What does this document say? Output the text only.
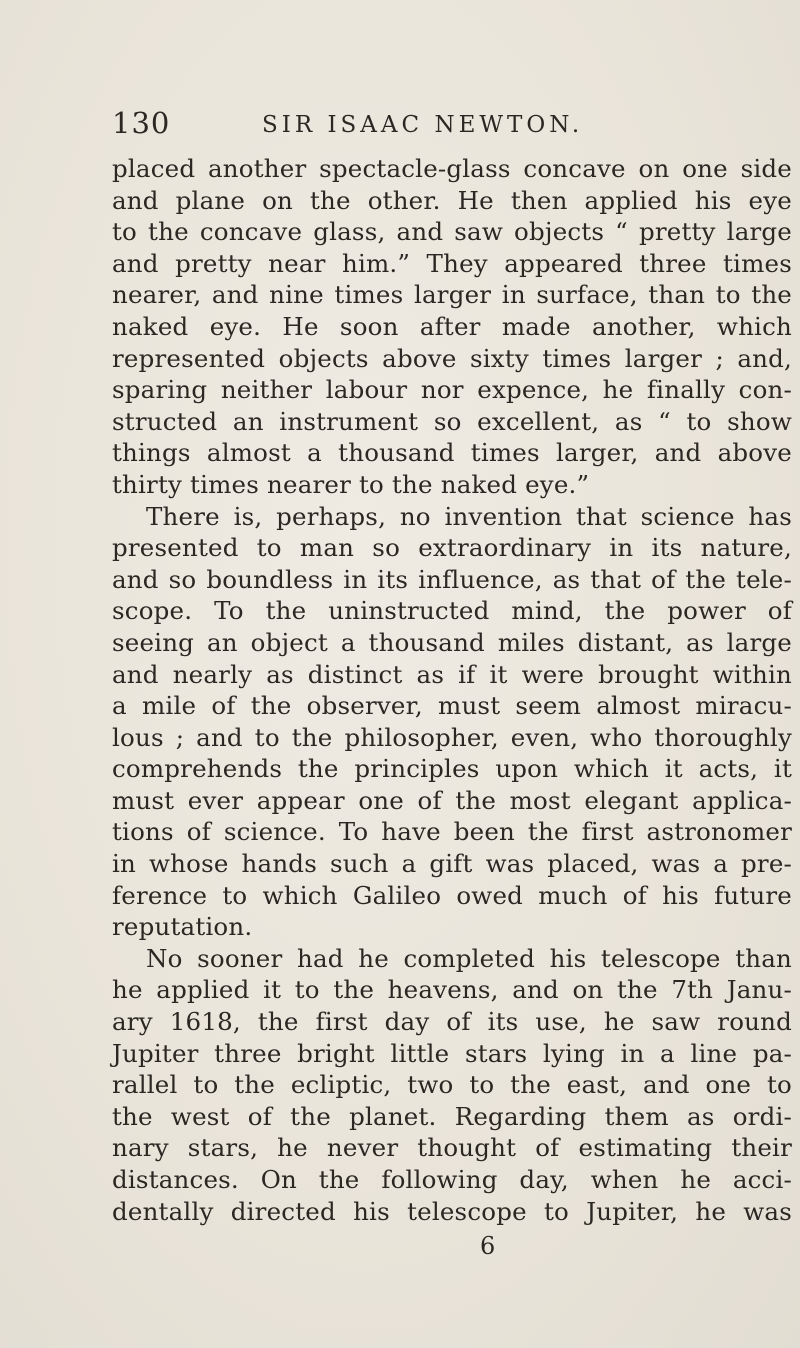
130	SIR ISAAC NEWTON.
placed another spectacle-glass concave on one side
and plane on the other. He then applied his eye
to the concave glass, and saw objects “ pretty large
and pretty near him.” They appeared three times
nearer, and nine times larger in surface, than to the
naked eye. He soon after made another, which
represented objects above sixty times larger ; and,
sparing neither labour nor expence, he finally con-
structed an instrument so excellent, as “ to show
things almost a thousand times larger, and above
thirty times nearer to the naked eye.”
There is, perhaps, no invention that science has
presented to man so extraordinary in its nature,
and so boundless in its influence, as that of the tele-
scope. To the uninstructed mind, the power of
seeing an object a thousand miles distant, as large
and nearly as distinct as if it were brought within
a mile of the observer, must seem almost miracu-
lous ; and to the philosopher, even, who thoroughly
comprehends the principles upon which it acts, it
must ever appear one of the most elegant applica-
tions of science. To have been the first astronomer
in whose hands such a gift was placed, was a pre-
ference to which Galileo owed much of his future
reputation.
No sooner had he completed his telescope than
he applied it to the heavens, and on the 7th Janu-
ary 1618, the first day of its use, he saw round
Jupiter three bright little stars lying in a line pa-
rallel to the ecliptic, two to the east, and one to
the west of the planet. Regarding them as ordi-
nary stars, he never thought of estimating their
distances. On the following day, when he acci-
dentally directed his telescope to Jupiter, he was
6
